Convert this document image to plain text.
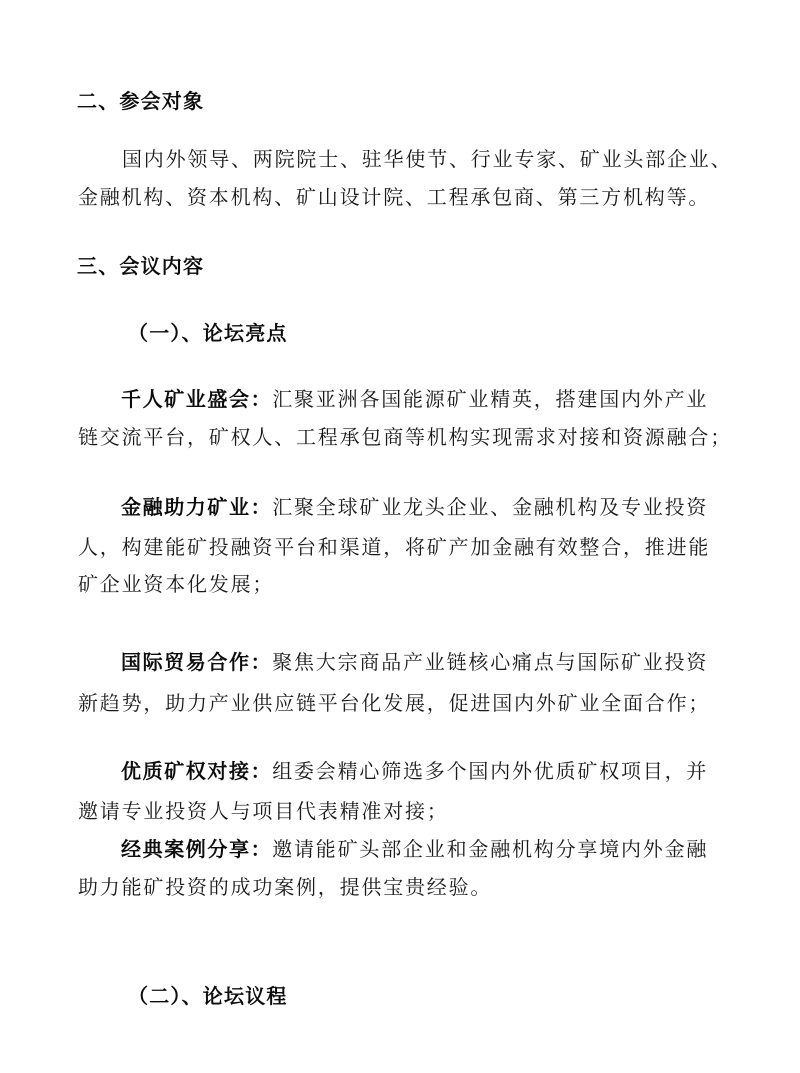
二、参会对象
国内外领导、两院院士、驻华使节、行业专家、矿业头部企业、
金融机构、资本机构、矿山设计院、工程承包商、第三方机构等。
三、会议内容
（一）、论坛亮点
千人矿业盛会：汇聚亚洲各国能源矿业精英，搭建国内外产业
链交流平台，矿权人、工程承包商等机构实现需求对接和资源融合；
金融助力矿业：汇聚全球矿业龙头企业、金融机构及专业投资
人，构建能矿投融资平台和渠道，将矿产加金融有效整合，推进能
矿企业资本化发展；
国际贸易合作：聚焦大宗商品产业链核心痛点与国际矿业投资
新趋势，助力产业供应链平台化发展，促进国内外矿业全面合作；
优质矿权对接：组委会精心筛选多个国内外优质矿权项目，并
邀请专业投资人与项目代表精准对接；
经典案例分享：邀请能矿头部企业和金融机构分享境内外金融
助力能矿投资的成功案例，提供宝贵经验。
（二）、论坛议程
